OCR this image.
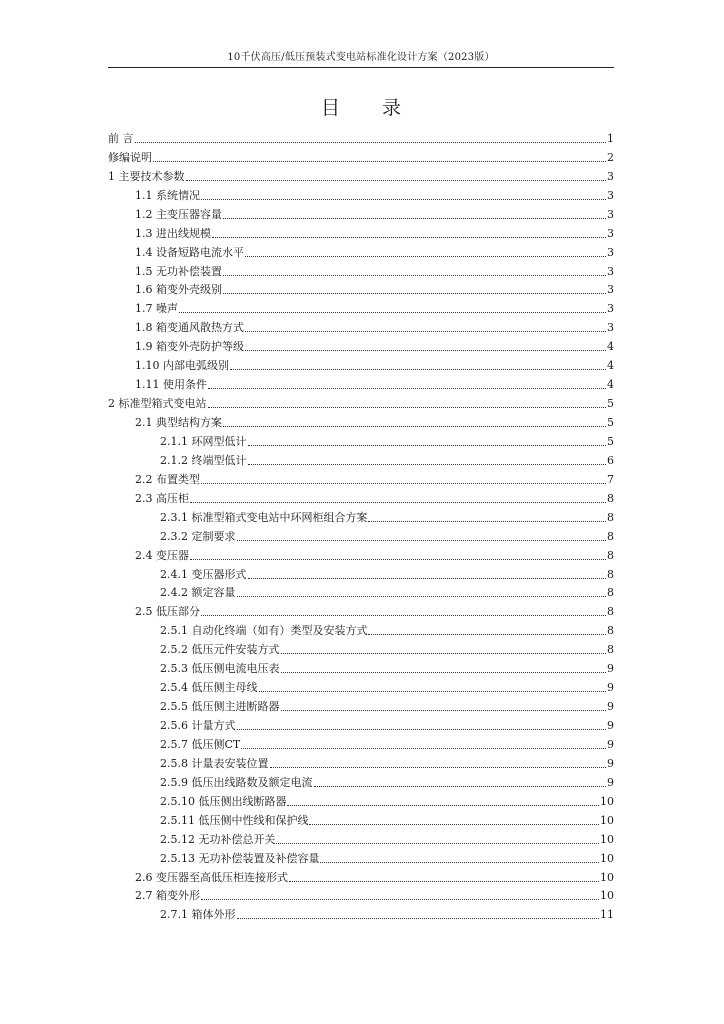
10千伏高压/低压预装式变电站标准化设计方案（2023版）
目 录
前 言	1
修编说明	2
1 主要技术参数	3
1.1 系统情况	3
1.2 主变压器容量	3
1.3 进出线规模	3
1.4 设备短路电流水平	3
1.5 无功补偿装置	3
1.6 箱变外壳级别	3
1.7 噪声	3
1.8 箱变通风散热方式	3
1.9 箱变外壳防护等级	4
1.10 内部电弧级别	4
1.11 使用条件	4
2 标准型箱式变电站	5
2.1 典型结构方案	5
2.1.1 环网型低计	5
2.1.2 终端型低计	6
2.2 布置类型	7
2.3 高压柜	8
2.3.1 标准型箱式变电站中环网柜组合方案	8
2.3.2 定制要求	8
2.4 变压器	8
2.4.1 变压器形式	8
2.4.2 额定容量	8
2.5 低压部分	8
2.5.1 自动化终端（如有）类型及安装方式	8
2.5.2 低压元件安装方式	8
2.5.3 低压侧电流电压表	9
2.5.4 低压侧主母线	9
2.5.5 低压侧主进断路器	9
2.5.6 计量方式	9
2.5.7 低压侧CT	9
2.5.8 计量表安装位置	9
2.5.9 低压出线路数及额定电流	9
2.5.10 低压侧出线断路器	10
2.5.11 低压侧中性线和保护线	10
2.5.12 无功补偿总开关	10
2.5.13 无功补偿装置及补偿容量	10
2.6 变压器至高低压柜连接形式	10
2.7 箱变外形	10
2.7.1 箱体外形	11
